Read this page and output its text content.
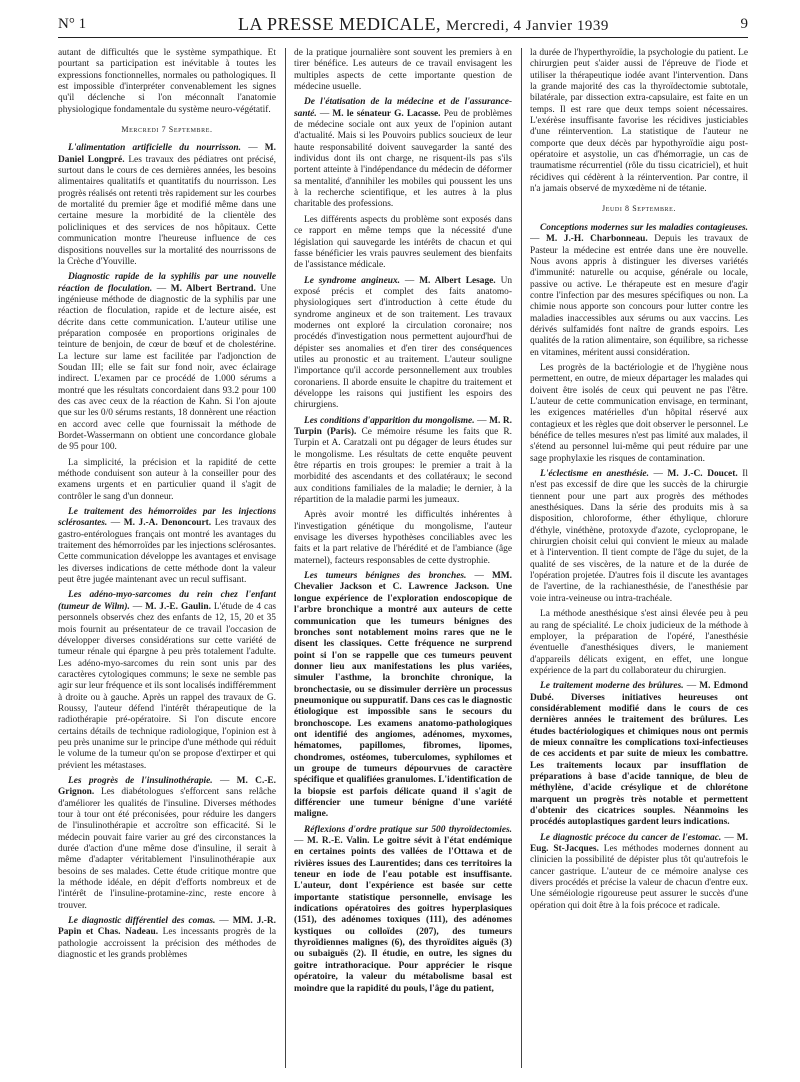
N° 1	LA PRESSE MEDICALE, Mercredi, 4 Janvier 1939	9

autant de difficultés que le système sympathique. Et pourtant sa participation est inévitable à toutes les expressions fonctionnelles, normales ou pathologiques. Il est impossible d'interpréter convenablement les signes qu'il déclenche si l'on méconnaît l'anatomie physiologique fondamentale du système neuro-végétatif.

Mercredi 7 Septembre.

L'alimentation artificielle du nourrisson. — M. Daniel Longpré. Les travaux des pédiatres ont précisé, surtout dans le cours de ces dernières années, les besoins alimentaires qualitatifs et quantitatifs du nourrisson. Les progrès réalisés ont retenti très rapidement sur les courbes de mortalité du premier âge et modifié même dans une certaine mesure la morbidité de la clientèle des policliniques et des services de nos hôpitaux. Cette communication montre l'heureuse influence de ces dispositions nouvelles sur la mortalité des nourrissons de la Crèche d'Youville.

Diagnostic rapide de la syphilis par une nouvelle réaction de floculation. — M. Albert Bertrand. Une ingénieuse méthode de diagnostic de la syphilis par une réaction de floculation, rapide et de lecture aisée, est décrite dans cette communication. L'auteur utilise une préparation composée en proportions originales de teinture de benjoin, de cœur de bœuf et de cholestérine. La lecture sur lame est facilitée par l'adjonction de Soudan III; elle se fait sur fond noir, avec éclairage indirect. L'examen par ce procédé de 1.000 sérums a montré que les résultats concordaient dans 93.2 pour 100 des cas avec ceux de la réaction de Kahn. Si l'on ajoute que sur les 0/0 sérums restants, 18 donnèrent une réaction en accord avec celle que fournissait la méthode de Bordet-Wassermann on obtient une concordance globale de 95 pour 100.

La simplicité, la précision et la rapidité de cette méthode conduisent son auteur à la conseiller pour des examens urgents et en particulier quand il s'agit de contrôler le sang d'un donneur.

Le traitement des hémorroïdes par les injections sclérosantes. — M. J.-A. Denoncourt. Les travaux des gastro-entérologues français ont montré les avantages du traitement des hémorroïdes par les injections sclérosantes. Cette communication développe les avantages et envisage les diverses indications de cette méthode dont la valeur peut être jugée maintenant avec un recul suffisant.

Les adéno-myo-sarcomes du rein chez l'enfant (tumeur de Wilm). — M. J.-E. Gaulin. L'étude de 4 cas personnels observés chez des enfants de 12, 15, 20 et 35 mois fournit au présentateur de ce travail l'occasion de développer diverses considérations sur cette variété de tumeur rénale qui épargne à peu près totalement l'adulte. Les adéno-myo-sarcomes du rein sont unis par des caractères cytologiques communs; le sexe ne semble pas agir sur leur fréquence et ils sont localisés indifféremment à droite ou à gauche. Après un rappel des travaux de G. Roussy, l'auteur défend l'intérêt thérapeutique de la radiothérapie pré-opératoire. Si l'on discute encore certains détails de technique radiologique, l'opinion est à peu près unanime sur le principe d'une méthode qui réduit le volume de la tumeur qu'on se propose d'extirper et qui prévient les métastases.

Les progrès de l'insulinothérapie. — M. C.-E. Grignon. Les diabétologues s'efforcent sans relâche d'améliorer les qualités de l'insuline. Diverses méthodes tour à tour ont été préconisées, pour réduire les dangers de l'insulinothérapie et accroître son efficacité. Si le médecin pouvait faire varier au gré des circonstances la durée d'action d'une même dose d'insuline, il serait à même d'adapter véritablement l'insulinothérapie aux besoins de ses malades. Cette étude critique montre que la méthode idéale, en dépit d'efforts nombreux et de l'intérêt de l'insuline-protamine-zinc, reste encore à trouver.

Le diagnostic différentiel des comas. — MM. J.-R. Papin et Chas. Nadeau. Les incessants progrès de la pathologie accroissent la précision des méthodes de diagnostic et les grands problèmes

de la pratique journalière sont souvent les premiers à en tirer bénéfice. Les auteurs de ce travail envisagent les multiples aspects de cette importante question de médecine usuelle.

De l'étatisation de la médecine et de l'assurance-santé. — M. le sénateur G. Lacasse. Peu de problèmes de médecine sociale ont aux yeux de l'opinion autant d'actualité. Mais si les Pouvoirs publics soucieux de leur haute responsabilité doivent sauvegarder la santé des individus dont ils ont charge, ne risquent-ils pas s'ils portent atteinte à l'indépendance du médecin de déformer sa mentalité, d'annihiler les mobiles qui poussent les uns à la recherche scientifique, et les autres à la plus charitable des professions.

Les différents aspects du problème sont exposés dans ce rapport en même temps que la nécessité d'une législation qui sauvegarde les intérêts de chacun et qui fasse bénéficier les vrais pauvres seulement des bienfaits de l'assistance médicale.

Le syndrome angineux. — M. Albert Lesage. Un exposé précis et complet des faits anatomo-physiologiques sert d'introduction à cette étude du syndrome angineux et de son traitement. Les travaux modernes ont exploré la circulation coronaire; nos procédés d'investigation nous permettent aujourd'hui de dépister ses anomalies et d'en tirer des conséquences utiles au pronostic et au traitement. L'auteur souligne l'importance qu'il accorde personnellement aux troubles coronariens. Il aborde ensuite le chapitre du traitement et développe les raisons qui justifient les espoirs des chirurgiens.

Les conditions d'apparition du mongolisme. — M. R. Turpin (Paris). Ce mémoire résume les faits que R. Turpin et A. Caratzali ont pu dégager de leurs études sur le mongolisme. Les résultats de cette enquête peuvent être répartis en trois groupes: le premier a trait à la morbidité des ascendants et des collatéraux; le second aux conditions familiales de la maladie; le dernier, à la répartition de la maladie parmi les jumeaux.

Après avoir montré les difficultés inhérentes à l'investigation génétique du mongolisme, l'auteur envisage les diverses hypothèses conciliables avec les faits et la part relative de l'hérédité et de l'ambiance (âge maternel), facteurs responsables de cette dystrophie.

Les tumeurs bénignes des bronches. — MM. Chevalier Jackson et C. Lawrence Jackson. Une longue expérience de l'exploration endoscopique de l'arbre bronchique a montré aux auteurs de cette communication que les tumeurs bénignes des bronches sont notablement moins rares que ne le disent les classiques. Cette fréquence ne surprend point si l'on se rappelle que ces tumeurs peuvent donner lieu aux manifestations les plus variées, simuler l'asthme, la bronchite chronique, la bronchectasie, ou se dissimuler derrière un processus pneumonique ou suppuratif. Dans ces cas le diagnostic étiologique est impossible sans le secours du bronchoscope. Les examens anatomo-pathologiques ont identifié des angiomes, adénomes, myxomes, hématomes, papillomes, fibromes, lipomes, chondromes, ostéomes, tuberculomes, syphilomes et un groupe de tumeurs dépourvues de caractère spécifique et qualifiées granulomes. L'identification de la biopsie est parfois délicate quand il s'agit de différencier une tumeur bénigne d'une variété maligne.

Réflexions d'ordre pratique sur 500 thyroïdectomies. — M. R.-E. Valin. Le goitre sévit à l'état endémique en certaines points des vallées de l'Ottawa et de rivières issues des Laurentides; dans ces territoires la teneur en iode de l'eau potable est insuffisante. L'auteur, dont l'expérience est basée sur cette importante statistique personnelle, envisage les indications opératoires des goitres hyperplasiques (151), des adénomes toxiques (111), des adénomes kystiques ou colloïdes (207), des tumeurs thyroïdiennes malignes (6), des thyroïdites aiguës (3) ou subaiguës (2). Il étudie, en outre, les signes du goitre intrathoracique. Pour apprécier le risque opératoire, la valeur du métabolisme basal est moindre que la rapidité du pouls, l'âge du patient,

la durée de l'hyperthyroïdie, la psychologie du patient. Le chirurgien peut s'aider aussi de l'épreuve de l'iode et utiliser la thérapeutique iodée avant l'intervention. Dans la grande majorité des cas la thyroïdectomie subtotale, bilatérale, par dissection extra-capsulaire, est faite en un temps. Il est rare que deux temps soient nécessaires. L'exérèse insuffisante favorise les récidives justiciables d'une réintervention. La statistique de l'auteur ne comporte que deux décès par hypothyroïdie aigu post-opératoire et asystolie, un cas d'hémorragie, un cas de traumatisme récurrentiel (rôle du tissu cicatriciel), et huit récidives qui cédèrent à la réintervention. Par contre, il n'a jamais observé de myxœdème ni de tétanie.

Jeudi 8 Septembre.

Conceptions modernes sur les maladies contagieuses. — M. J.-H. Charbonneau. Depuis les travaux de Pasteur la médecine est entrée dans une ère nouvelle. Nous avons appris à distinguer les diverses variétés d'immunité: naturelle ou acquise, générale ou locale, passive ou active. Le thérapeute est en mesure d'agir contre l'infection par des mesures spécifiques ou non. La chimie nous apporte son concours pour lutter contre les maladies inaccessibles aux sérums ou aux vaccins. Les dérivés sulfamidés font naître de grands espoirs. Les qualités de la ration alimentaire, son équilibre, sa richesse en vitamines, méritent aussi considération.

Les progrès de la bactériologie et de l'hygiène nous permettent, en outre, de mieux départager les malades qui doivent être isolés de ceux qui peuvent ne pas l'être. L'auteur de cette communication envisage, en terminant, les exigences matérielles d'un hôpital réservé aux contagieux et les règles que doit observer le personnel. Le bénéfice de telles mesures n'est pas limité aux malades, il s'étend au personnel lui-même qui peut réduire par une sage prophylaxie les risques de contamination.

L'éclectisme en anesthésie. — M. J.-C. Doucet. Il n'est pas excessif de dire que les succès de la chirurgie tiennent pour une part aux progrès des méthodes anesthésiques. Dans la série des produits mis à sa disposition, chloroforme, éther éthylique, chlorure d'éthyle, vinéthène, protoxyde d'azote, cyclopropane, le chirurgien choisit celui qui convient le mieux au malade et à l'intervention. Il tient compte de l'âge du sujet, de la qualité de ses viscères, de la nature et de la durée de l'opération projetée. D'autres fois il discute les avantages de l'avertine, de la rachianesthésie, de l'anesthésie par voie intra-veineuse ou intra-trachéale.

La méthode anesthésique s'est ainsi élevée peu à peu au rang de spécialité. Le choix judicieux de la méthode à employer, la préparation de l'opéré, l'anesthésie éventuelle d'anesthésiques divers, le maniement d'appareils délicats exigent, en effet, une longue expérience de la part du collaborateur du chirurgien.

Le traitement moderne des brûlures. — M. Edmond Dubé. Diverses initiatives heureuses ont considérablement modifié dans le cours de ces dernières années le traitement des brûlures. Les études bactériologiques et chimiques nous ont permis de mieux connaître les complications toxi-infectieuses de ces accidents et par suite de mieux les combattre. Les traitements locaux par insufflation de préparations à base d'acide tannique, de bleu de méthylène, d'acide crésylique et de chlorétone marquent un progrès très notable et permettent d'obtenir des cicatrices souples. Néanmoins les procédés autoplastiques gardent leurs indications.

Le diagnostic précoce du cancer de l'estomac. — M. Eug. St-Jacques. Les méthodes modernes donnent au clinicien la possibilité de dépister plus tôt qu'autrefois le cancer gastrique. L'auteur de ce mémoire analyse ces divers procédés et précise la valeur de chacun d'entre eux. Une séméiologie rigoureuse peut assurer le succès d'une opération qui doit être à la fois précoce et radicale.
